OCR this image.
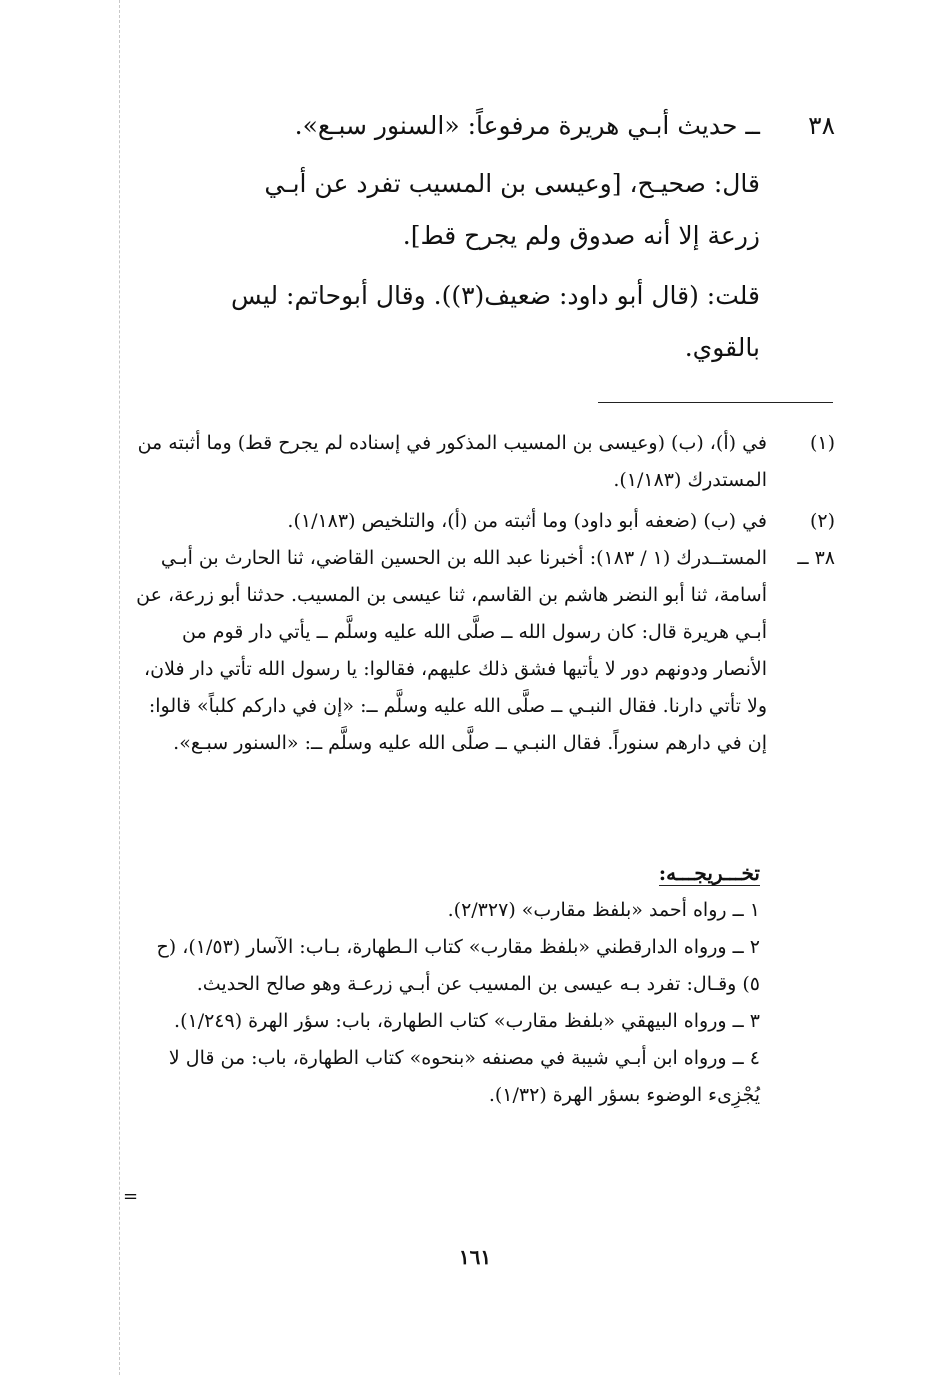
٣٨
ــ حديث أبـي هريرة مرفوعاً: «السنور سبـع».
قال: صحيـح، [وعيسى بن المسيب تفرد عن أبـي زرعة إلا أنه صدوق ولم يجرح قط].
قلت: (قال أبو داود: ضعيف(٣)). وقال أبوحاتم: ليس بالقوي.
(١)
في (أ)، (ب) (وعيسى بن المسيب المذكور في إسناده لم يجرح قط) وما أثبته من المستدرك (١/١٨٣).
(٢)
في (ب) (ضعفه أبو داود) وما أثبته من (أ)، والتلخيص (١/١٨٣).
٣٨ ــ
المستــدرك (١ / ١٨٣): أخبرنا عبد الله بن الحسين القاضي، ثنا الحارث بن أبـي أسامة، ثنا أبو النضر هاشم بن القاسم، ثنا عيسى بن المسيب. حدثنا أبو زرعة، عن أبـي هريرة قال: كان رسول الله ــ صلَّى الله عليه وسلَّم ــ يأتي دار قوم من الأنصار ودونهم دور لا يأتيها فشق ذلك عليهم، فقالوا: يا رسول الله تأتي دار فلان، ولا تأتي دارنا. فقال النبـي ــ صلَّى الله عليه وسلَّم ــ: «إن في داركم كلباً» قالوا: إن في دارهم سنوراً. فقال النبـي ــ صلَّى الله عليه وسلَّم ــ: «السنور سبـع».
تخـــريجـــه:
١ ــ رواه أحمد «بلفظ مقارب» (٢/٣٢٧).
٢ ــ ورواه الدارقطني «بلفظ مقارب» كتاب الـطهارة، بـاب: الآسار (١/٥٣)، (ح ٥) وقـال: تفرد بـه عيسى بن المسيب عن أبـي زرعـة وهو صالح الحديث.
٣ ــ ورواه البيهقي «بلفظ مقارب» كتاب الطهارة، باب: سؤر الهرة (١/٢٤٩).
٤ ــ ورواه ابن أبـي شيبة في مصنفه «بنحوه» كتاب الطهارة، باب: من قال لا يُجْزِىء الوضوء بسؤر الهرة (١/٣٢).
=
١٦١
